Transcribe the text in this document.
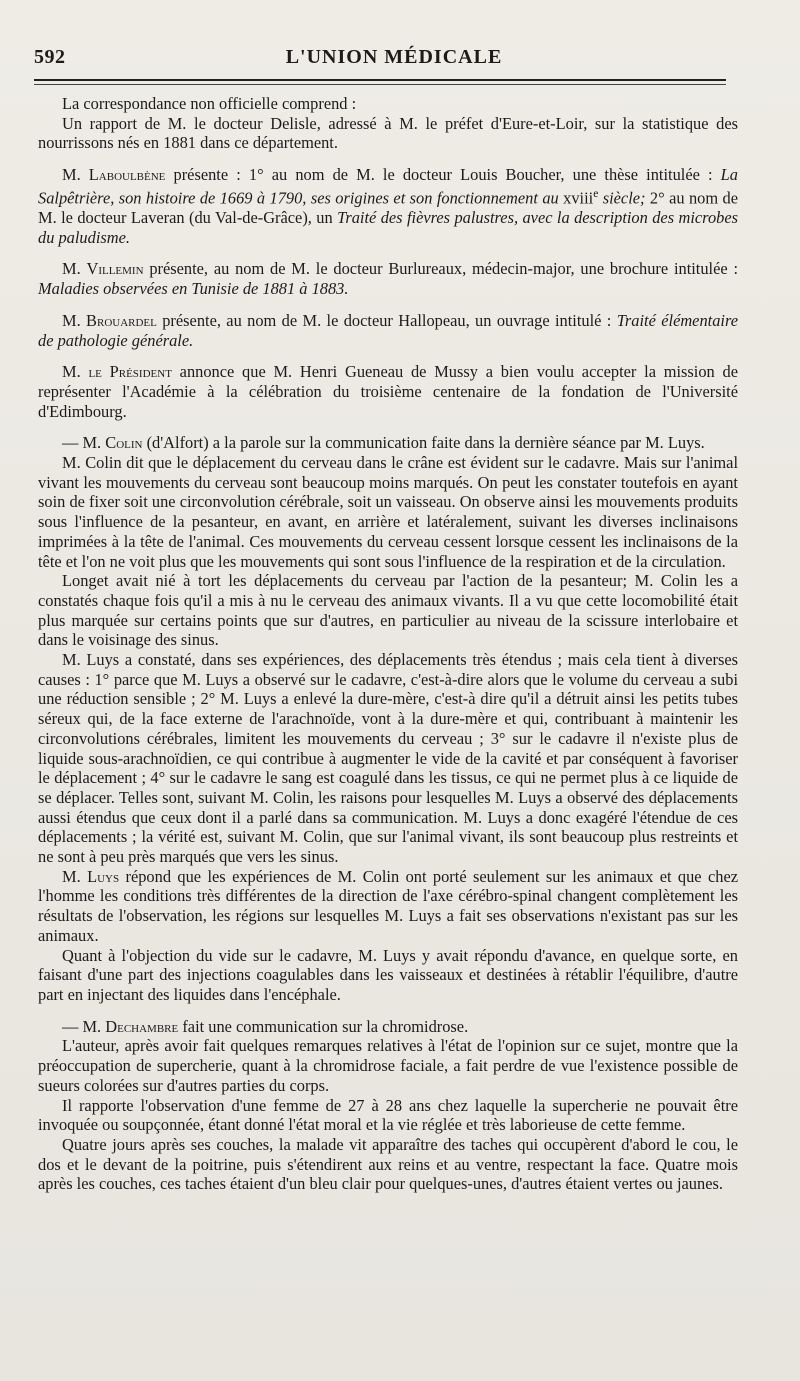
592	L'UNION MÉDICALE

La correspondance non officielle comprend :

Un rapport de M. le docteur Delisle, adressé à M. le préfet d'Eure-et-Loir, sur la statistique des nourrissons nés en 1881 dans ce département.

M. Laboulbène présente : 1° au nom de M. le docteur Louis Boucher, une thèse intitulée : La Salpêtrière, son histoire de 1669 à 1790, ses origines et son fonctionnement au xviii$^e$ siècle; 2° au nom de M. le docteur Laveran (du Val-de-Grâce), un Traité des fièvres palustres, avec la description des microbes du paludisme.

M. Villemin présente, au nom de M. le docteur Burlureaux, médecin-major, une brochure intitulée : Maladies observées en Tunisie de 1881 à 1883.

M. Brouardel présente, au nom de M. le docteur Hallopeau, un ouvrage intitulé : Traité élémentaire de pathologie générale.

M. le Président annonce que M. Henri Gueneau de Mussy a bien voulu accepter la mission de représenter l'Académie à la célébration du troisième centenaire de la fondation de l'Université d'Edimbourg.

— M. Colin (d'Alfort) a la parole sur la communication faite dans la dernière séance par M. Luys.

M. Colin dit que le déplacement du cerveau dans le crâne est évident sur le cadavre. Mais sur l'animal vivant les mouvements du cerveau sont beaucoup moins marqués. On peut les constater toutefois en ayant soin de fixer soit une circonvolution cérébrale, soit un vaisseau. On observe ainsi les mouvements produits sous l'influence de la pesanteur, en avant, en arrière et latéralement, suivant les diverses inclinaisons imprimées à la tête de l'animal. Ces mouvements du cerveau cessent lorsque cessent les inclinaisons de la tête et l'on ne voit plus que les mouvements qui sont sous l'influence de la respiration et de la circulation.

Longet avait nié à tort les déplacements du cerveau par l'action de la pesanteur; M. Colin les a constatés chaque fois qu'il a mis à nu le cerveau des animaux vivants. Il a vu que cette locomobilité était plus marquée sur certains points que sur d'autres, en particulier au niveau de la scissure interlobaire et dans le voisinage des sinus.

M. Luys a constaté, dans ses expériences, des déplacements très étendus ; mais cela tient à diverses causes : 1° parce que M. Luys a observé sur le cadavre, c'est-à-dire alors que le volume du cerveau a subi une réduction sensible ; 2° M. Luys a enlevé la dure-mère, c'est-à dire qu'il a détruit ainsi les petits tubes séreux qui, de la face externe de l'arachnoïde, vont à la dure-mère et qui, contribuant à maintenir les circonvolutions cérébrales, limitent les mouvements du cerveau ; 3° sur le cadavre il n'existe plus de liquide sous-arachnoïdien, ce qui contribue à augmenter le vide de la cavité et par conséquent à favoriser le déplacement ; 4° sur le cadavre le sang est coagulé dans les tissus, ce qui ne permet plus à ce liquide de se déplacer. Telles sont, suivant M. Colin, les raisons pour lesquelles M. Luys a observé des déplacements aussi étendus que ceux dont il a parlé dans sa communication. M. Luys a donc exagéré l'étendue de ces déplacements ; la vérité est, suivant M. Colin, que sur l'animal vivant, ils sont beaucoup plus restreints et ne sont à peu près marqués que vers les sinus.

M. Luys répond que les expériences de M. Colin ont porté seulement sur les animaux et que chez l'homme les conditions très différentes de la direction de l'axe cérébro-spinal changent complètement les résultats de l'observation, les régions sur lesquelles M. Luys a fait ses observations n'existant pas sur les animaux.

Quant à l'objection du vide sur le cadavre, M. Luys y avait répondu d'avance, en quelque sorte, en faisant d'une part des injections coagulables dans les vaisseaux et destinées à rétablir l'équilibre, d'autre part en injectant des liquides dans l'encéphale.

— M. Dechambre fait une communication sur la chromidrose.

L'auteur, après avoir fait quelques remarques relatives à l'état de l'opinion sur ce sujet, montre que la préoccupation de supercherie, quant à la chromidrose faciale, a fait perdre de vue l'existence possible de sueurs colorées sur d'autres parties du corps.

Il rapporte l'observation d'une femme de 27 à 28 ans chez laquelle la supercherie ne pouvait être invoquée ou soupçonnée, étant donné l'état moral et la vie réglée et très laborieuse de cette femme.

Quatre jours après ses couches, la malade vit apparaître des taches qui occupèrent d'abord le cou, le dos et le devant de la poitrine, puis s'étendirent aux reins et au ventre, respectant la face. Quatre mois après les couches, ces taches étaient d'un bleu clair pour quelques-unes, d'autres étaient vertes ou jaunes.
